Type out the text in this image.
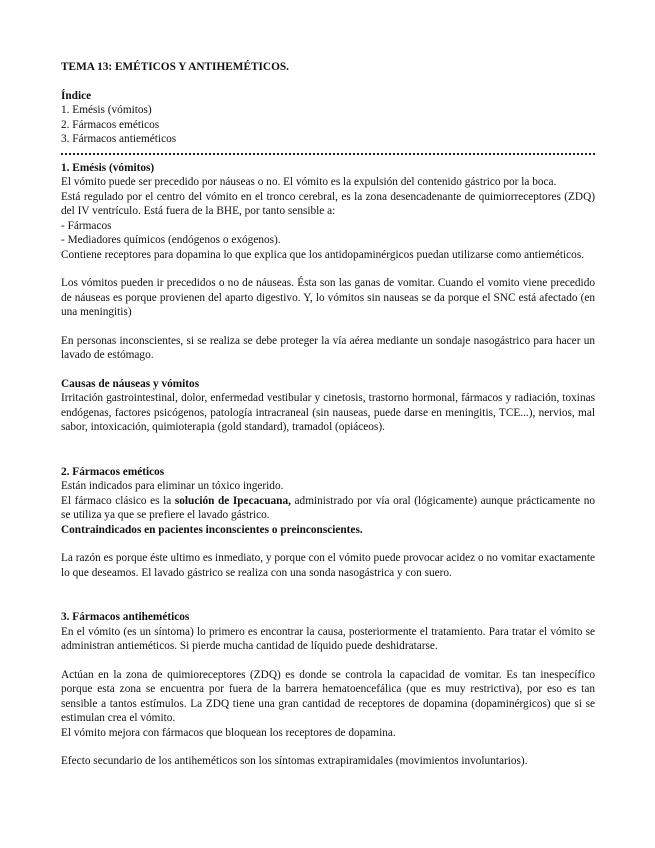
TEMA 13: EMÉTICOS Y ANTIHEMÉTICOS.

Índice

1. Emésis (vómitos)

2. Fármacos eméticos

3. Fármacos antieméticos

1. Emésis (vómitos)

El vómito puede ser precedido por náuseas o no. El vómito es la expulsión del contenido gástrico por la boca.

Está regulado por el centro del vómito en el tronco cerebral, es la zona desencadenante de quimiorreceptores (ZDQ) del IV ventrículo. Está fuera de la BHE, por tanto sensible a:

- Fármacos

- Mediadores químicos (endógenos o exógenos).

Contiene receptores para dopamina lo que explica que los antidopaminérgicos puedan utilizarse como antieméticos.

Los vómitos pueden ir precedidos o no de náuseas. Ésta son las ganas de vomitar. Cuando el vomito viene precedido de náuseas es porque provienen del aparto digestivo. Y, lo vómitos sin nauseas se da porque el SNC está afectado (en una meningitis)

En personas inconscientes, si se realiza se debe proteger la vía aérea mediante un sondaje nasogástrico para hacer un lavado de estómago.

Causas de náuseas y vómitos

Irritación gastrointestinal, dolor, enfermedad vestibular y cinetosis, trastorno hormonal, fármacos y radiación, toxinas endógenas, factores psicógenos, patología intracraneal (sin nauseas, puede darse en meningitis, TCE...), nervios, mal sabor, intoxicación, quimioterapia (gold standard), tramadol (opiáceos).

2. Fármacos eméticos

Están indicados para eliminar un tóxico ingerido.

El fármaco clásico es la solución de Ipecacuana, administrado por vía oral (lógicamente) aunque prácticamente no se utiliza ya que se prefiere el lavado gástrico.

Contraindicados en pacientes inconscientes o preinconscientes.

La razón es porque éste ultimo es inmediato, y porque con el vómito puede provocar acidez o no vomitar exactamente lo que deseamos. El lavado gástrico se realiza con una sonda nasogástrica y con suero.

3. Fármacos antiheméticos

En el vómito (es un síntoma) lo primero es encontrar la causa, posteriormente el tratamiento. Para tratar el vómito se administran antieméticos. Si pierde mucha cantidad de líquido puede deshidratarse.

Actúan en la zona de quimioreceptores (ZDQ) es donde se controla la capacidad de vomitar. Es tan inespecífico porque esta zona se encuentra por fuera de la barrera hematoencefálica (que es muy restrictiva), por eso es tan sensible a tantos estímulos. La ZDQ tiene una gran cantidad de receptores de dopamina (dopaminérgicos) que si se estimulan crea el vómito.

El vómito mejora con fármacos que bloquean los receptores de dopamina.

Efecto secundario de los antiheméticos son los síntomas extrapiramidales (movimientos involuntarios).
